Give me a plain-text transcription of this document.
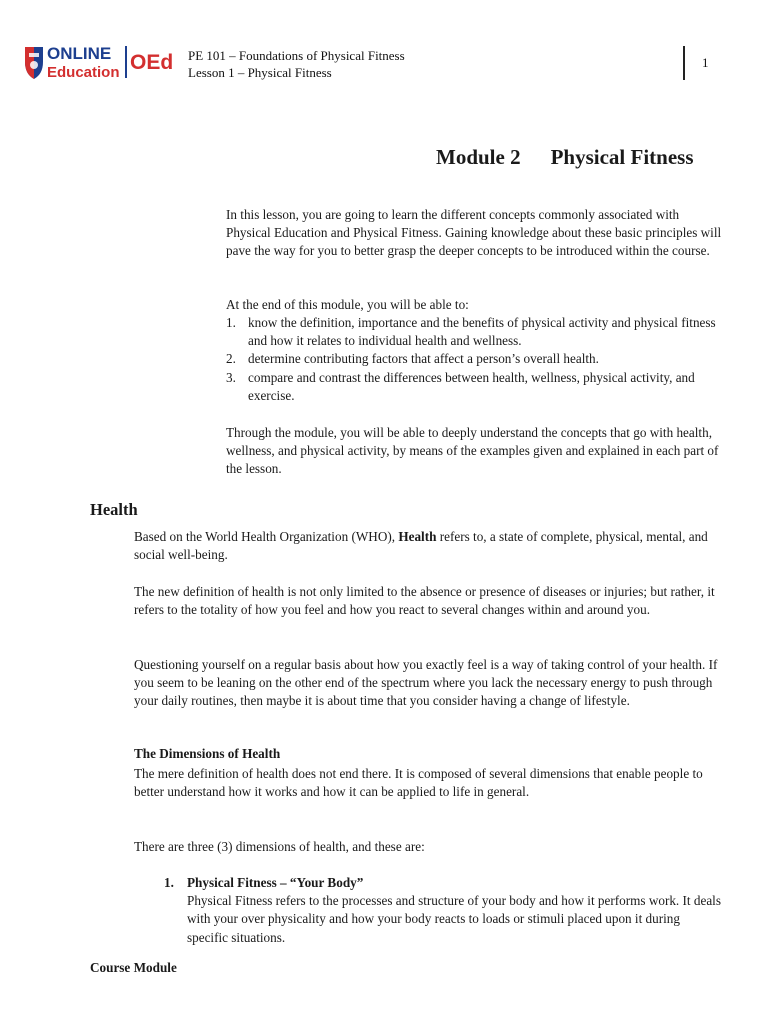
ONLINE
Education OEd PE 101 – Foundations of Physical Fitness
Lesson 1 – Physical Fitness
1
Module 2 Physical Fitness

In this lesson, you are going to learn the different concepts commonly associated with Physical Education and Physical Fitness. Gaining knowledge about these basic principles will pave the way for you to better grasp the deeper concepts to be introduced within the course.

At the end of this module, you will be able to:

1. know the definition, importance and the benefits of physical activity and physical fitness and how it relates to individual health and wellness.
2. determine contributing factors that affect a person’s overall health.
3. compare and contrast the differences between health, wellness, physical activity, and exercise.

Through the module, you will be able to deeply understand the concepts that go with health, wellness, and physical activity, by means of the examples given and explained in each part of the lesson.

Health

Based on the World Health Organization (WHO), Health refers to, a state of complete, physical, mental, and social well-being.

The new definition of health is not only limited to the absence or presence of diseases or injuries; but rather, it refers to the totality of how you feel and how you react to several changes within and around you.

Questioning yourself on a regular basis about how you exactly feel is a way of taking control of your health. If you seem to be leaning on the other end of the spectrum where you lack the necessary energy to push through your daily routines, then maybe it is about time that you consider having a change of lifestyle.

The Dimensions of Health

The mere definition of health does not end there. It is composed of several dimensions that enable people to better understand how it works and how it can be applied to life in general.

There are three (3) dimensions of health, and these are:

1. Physical Fitness – “Your Body”
Physical Fitness refers to the processes and structure of your body and how it performs work. It deals with your over physicality and how your body reacts to loads or stimuli placed upon it during specific situations.
Course Module
